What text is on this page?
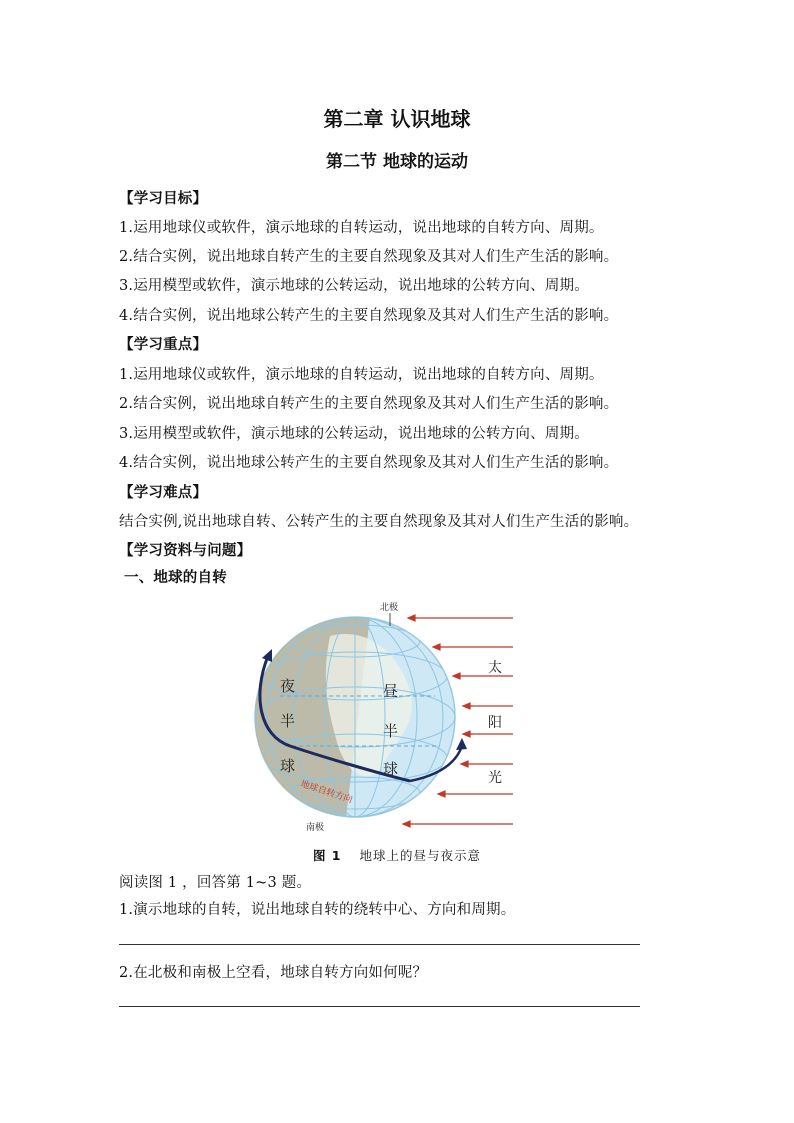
第二章 认识地球
第二节 地球的运动
【学习目标】
1.运用地球仪或软件，演示地球的自转运动，说出地球的自转方向、周期。
2.结合实例，说出地球自转产生的主要自然现象及其对人们生产生活的影响。
3.运用模型或软件，演示地球的公转运动，说出地球的公转方向、周期。
4.结合实例，说出地球公转产生的主要自然现象及其对人们生产生活的影响。
【学习重点】
1.运用地球仪或软件，演示地球的自转运动，说出地球的自转方向、周期。
2.结合实例，说出地球自转产生的主要自然现象及其对人们生产生活的影响。
3.运用模型或软件，演示地球的公转运动，说出地球的公转方向、周期。
4.结合实例，说出地球公转产生的主要自然现象及其对人们生产生活的影响。
【学习难点】
结合实例,说出地球自转、公转产生的主要自然现象及其对人们生产生活的影响。
【学习资料与问题】
一、地球的自转
地球自转方向
北极
南极
夜
半
球
昼
半
球
太
阳
光
图 1 地球上的昼与夜示意
阅读图 1 ，回答第 1~3 题。
1.演示地球的自转，说出地球自转的绕转中心、方向和周期。
2.在北极和南极上空看，地球自转方向如何呢？
